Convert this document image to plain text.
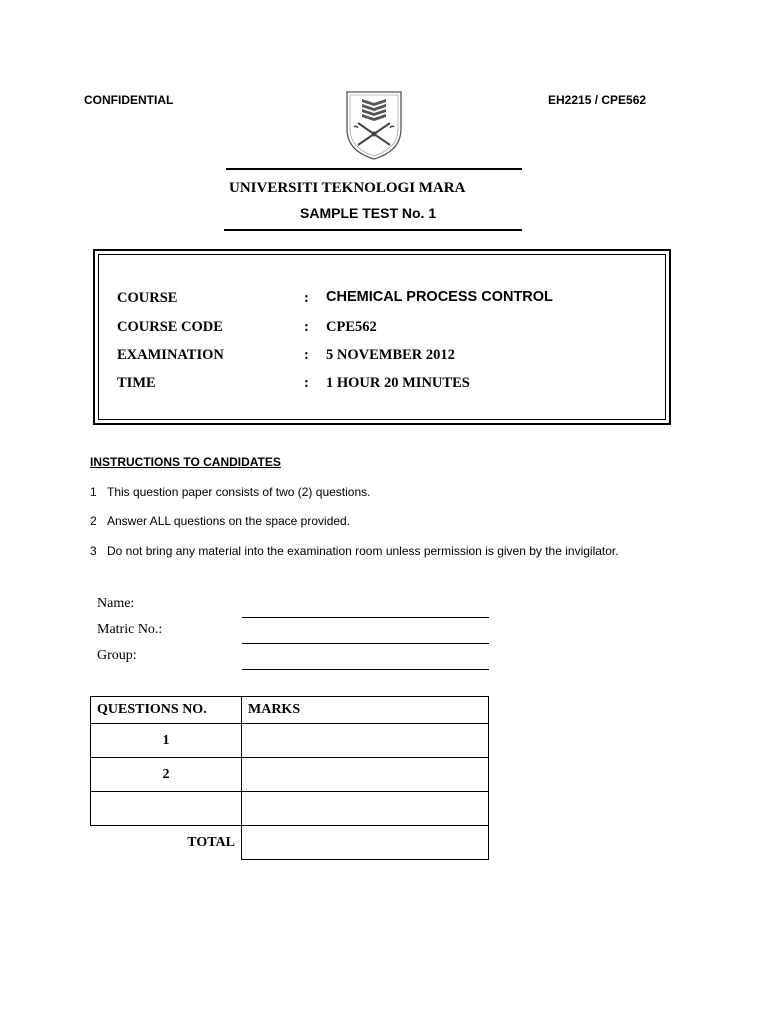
CONFIDENTIAL	EH2215 / CPE562
UNIVERSITI TEKNOLOGI MARA
SAMPLE TEST No. 1
COURSE	: CHEMICAL PROCESS CONTROL
COURSE CODE	: CPE562
EXAMINATION	: 5 NOVEMBER 2012
TIME	: 1 HOUR 20 MINUTES
INSTRUCTIONS TO CANDIDATES
1 This question paper consists of two (2) questions.
2 Answer ALL questions on the space provided.
3 Do not bring any material into the examination room unless permission is given by the invigilator.
Name:
Matric No.:
Group:
QUESTIONS NO.	MARKS
1	
2	

TOTAL	
